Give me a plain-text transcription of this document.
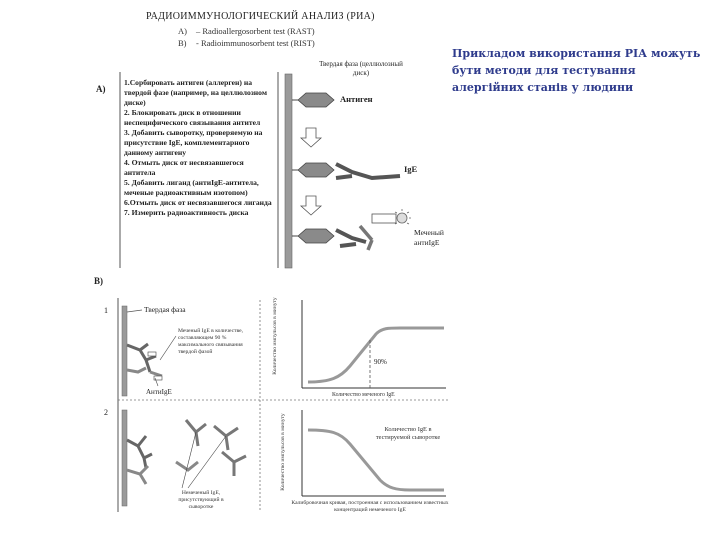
РАДИОИММУНОЛОГИЧЕСКИЙ АНАЛИЗ (РИА)
A) – Radioallergosorbent test (RAST)
B) - Radioimmunosorbent test (RIST)
Прикладом використання РІА можуть бути методи для тестування алергійних станів у людини
А)
1.Сорбировать антиген (аллерген) на твердой фазе (например, на целлюлозном диске)
2. Блокировать диск в отношении неспецифического связывания антител
3. Добавить сыворотку, проверяемую на присутствие IgE, комплементарного данному антигену
4. Отмыть диск от несвязавшегося антитела
5. Добавить лиганд (антиIgE-антитела, меченые радиоактивным изотопом)
6.Отмыть диск от несвязавшегося лиганда
7. Измерить радиоактивность диска
Твердая фаза (целлюлозный диск)
Антиген
IgE
Меченый антиIgE
В)
1
2
Твердая фаза
Меченый IgE в количестве, составляющем 90 % максимального связывания твердой фазой
АнтиIgE
Немеченый IgE, присутствующий в сыворотке
Количество импульсов в минуту
Количество меченого IgE
90%
Количество импульсов в минуту	Количество IgE в тестируемой сыворотке
Калибровочная кривая, построенная с использованием известных концентраций немеченого IgE
